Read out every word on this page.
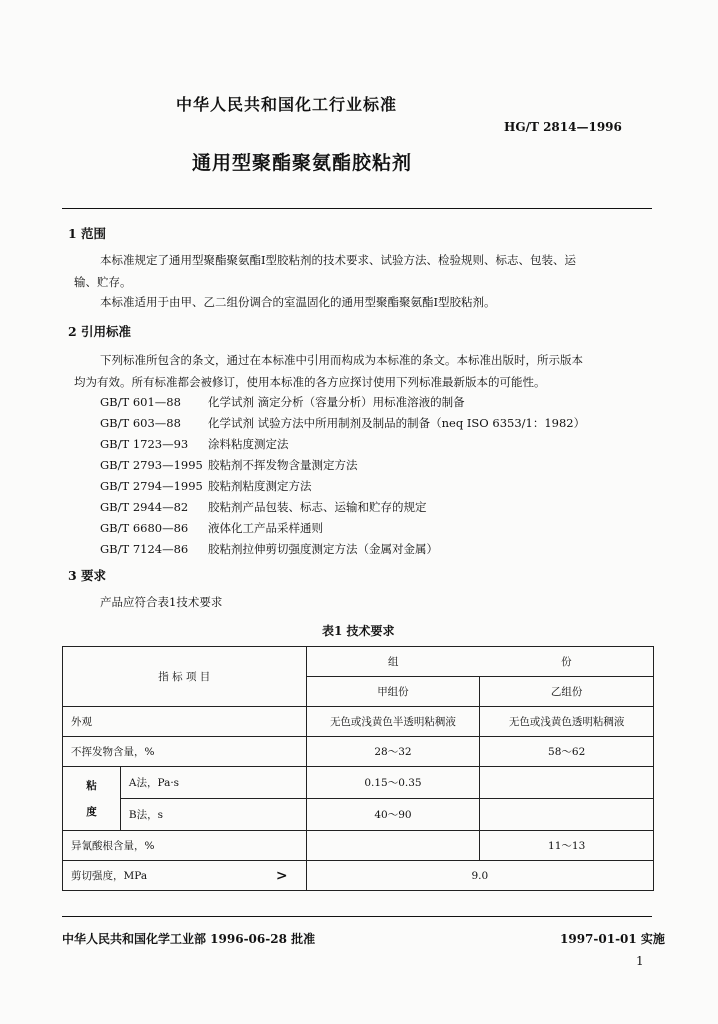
中华人民共和国化工行业标准
HG/T 2814—1996
通用型聚酯聚氨酯胶粘剂
1 范围
本标准规定了通用型聚酯聚氨酯Ⅰ型胶粘剂的技术要求、试验方法、检验规则、标志、包装、运
输、贮存。
本标准适用于由甲、乙二组份调合的室温固化的通用型聚酯聚氨酯Ⅰ型胶粘剂。
2 引用标准
下列标准所包含的条文，通过在本标准中引用而构成为本标准的条文。本标准出版时，所示版本
均为有效。所有标准都会被修订，使用本标准的各方应探讨使用下列标准最新版本的可能性。
GB/T 601—88 化学试剂 滴定分析（容量分析）用标准溶液的制备
GB/T 603—88 化学试剂 试验方法中所用制剂及制品的制备（neq ISO 6353/1：1982）
GB/T 1723—93 涂料粘度测定法
GB/T 2793—1995 胶粘剂不挥发物含量测定方法
GB/T 2794—1995 胶粘剂粘度测定方法
GB/T 2944—82 胶粘剂产品包装、标志、运输和贮存的规定
GB/T 6680—86 液体化工产品采样通则
GB/T 7124—86 胶粘剂拉伸剪切强度测定方法（金属对金属）
3 要求
产品应符合表1技术要求
表1 技术要求
指 标 项 目		组 份	
		甲组份	乙组份
外观		无色或浅黄色半透明粘稠液	无色或浅黄色透明粘稠液
不挥发物含量，%		28～32	58～62

粘
度	A法，Pa·s	0.15～0.35	
	B法，s	40～90	
异氰酸根含量，%			11～13
剪切强度，MPa >		9.0	
中华人民共和国化学工业部 1996-06-28 批准	1997-01-01 实施
1
